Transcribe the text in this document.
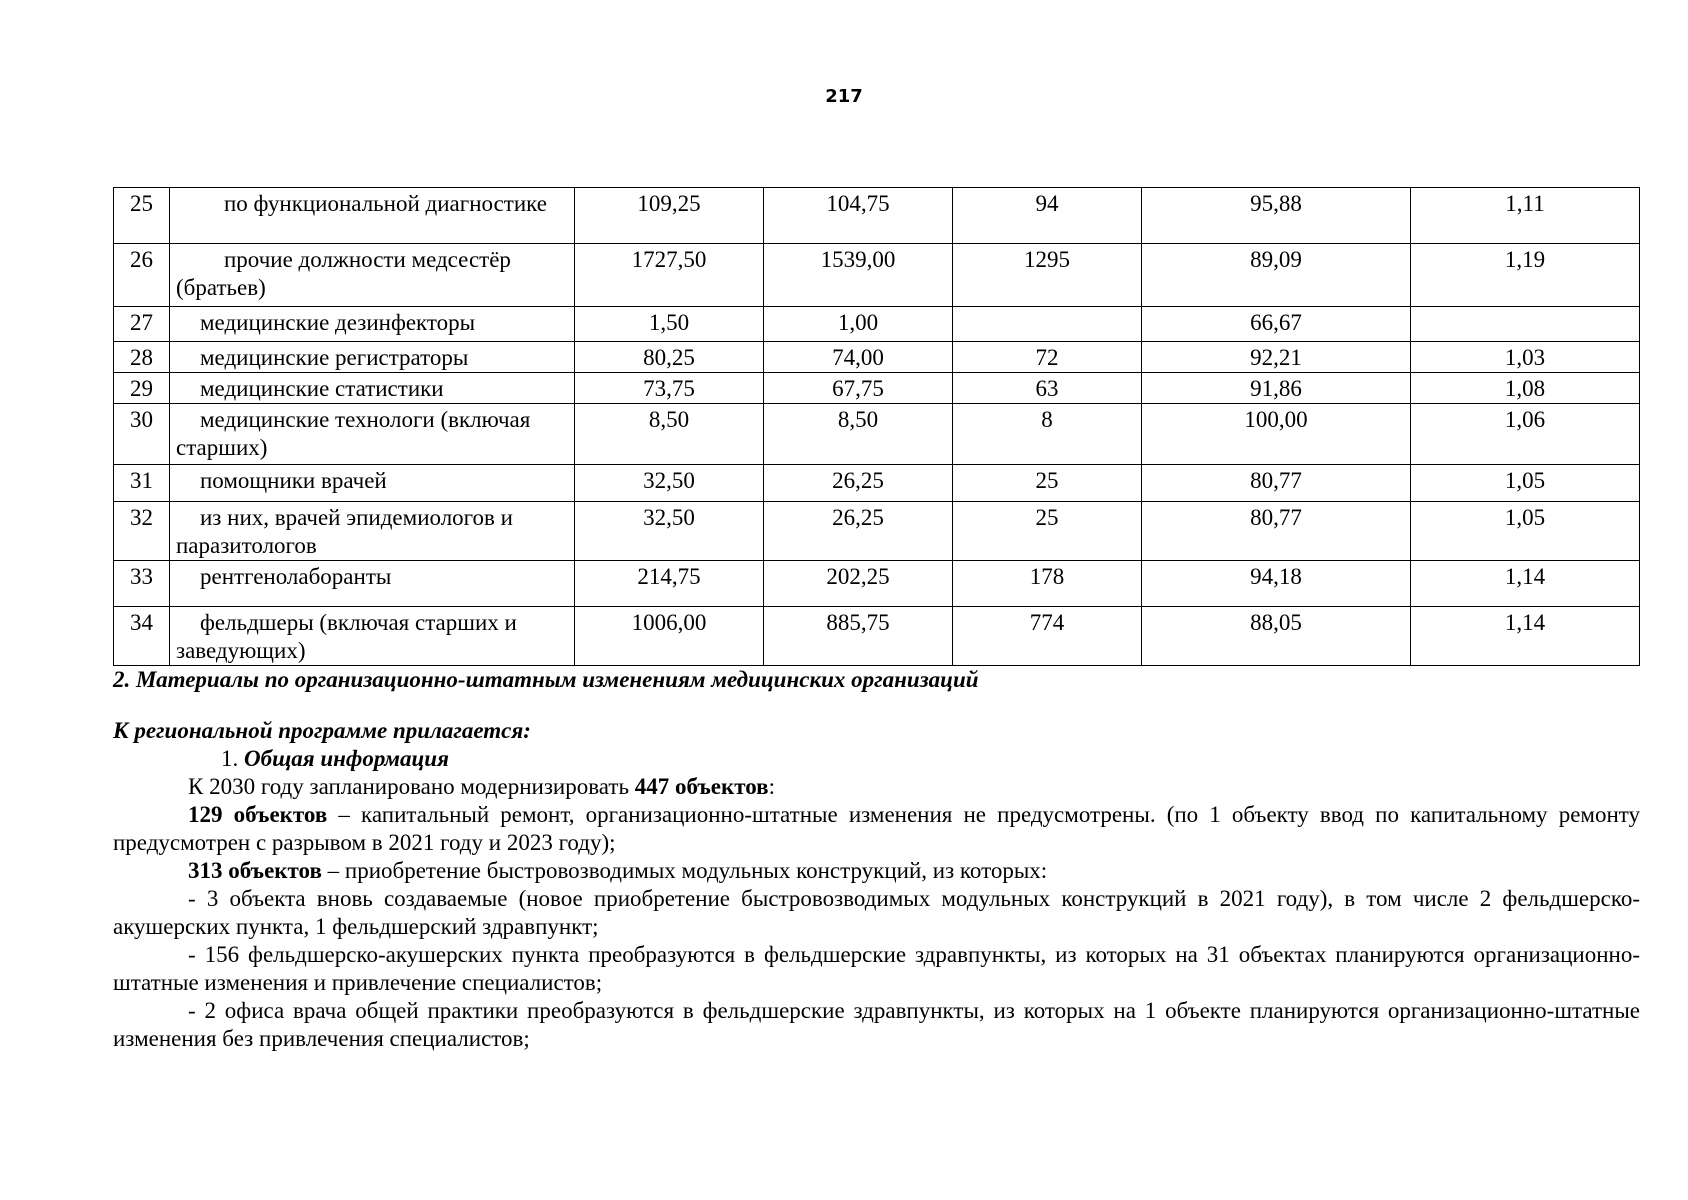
217
25	по функциональной диагностике	109,25	104,75	94	95,88	1,11
26	прочие должности медсестёр (братьев)	1727,50	1539,00	1295	89,09	1,19
27	медицинские дезинфекторы	1,50	1,00		66,67	
28	медицинские регистраторы	80,25	74,00	72	92,21	1,03
29	медицинские статистики	73,75	67,75	63	91,86	1,08
30	медицинские технологи (включая старших)	8,50	8,50	8	100,00	1,06
31	помощники врачей	32,50	26,25	25	80,77	1,05
32	из них, врачей эпидемиологов и паразитологов	32,50	26,25	25	80,77	1,05
33	рентгенолаборанты	214,75	202,25	178	94,18	1,14
34	фельдшеры (включая старших и заведующих)	1006,00	885,75	774	88,05	1,14

2. Материалы по организационно-штатным изменениям медицинских организаций

К региональной программе прилагается:

1. Общая информация

К 2030 году запланировано модернизировать 447 объектов:

129 объектов – капитальный ремонт, организационно-штатные изменения не предусмотрены. (по 1 объекту ввод по капитальному ремонту предусмотрен с разрывом в 2021 году и 2023 году);

313 объектов – приобретение быстровозводимых модульных конструкций, из которых:

- 3 объекта вновь создаваемые (новое приобретение быстровозводимых модульных конструкций в 2021 году), в том числе 2 фельдшерско-акушерских пункта, 1 фельдшерский здравпункт;

- 156 фельдшерско-акушерских пункта преобразуются в фельдшерские здравпункты, из которых на 31 объектах планируются организационно-штатные изменения и привлечение специалистов;

- 2 офиса врача общей практики преобразуются в фельдшерские здравпункты, из которых на 1 объекте планируются организационно-штатные изменения без привлечения специалистов;
